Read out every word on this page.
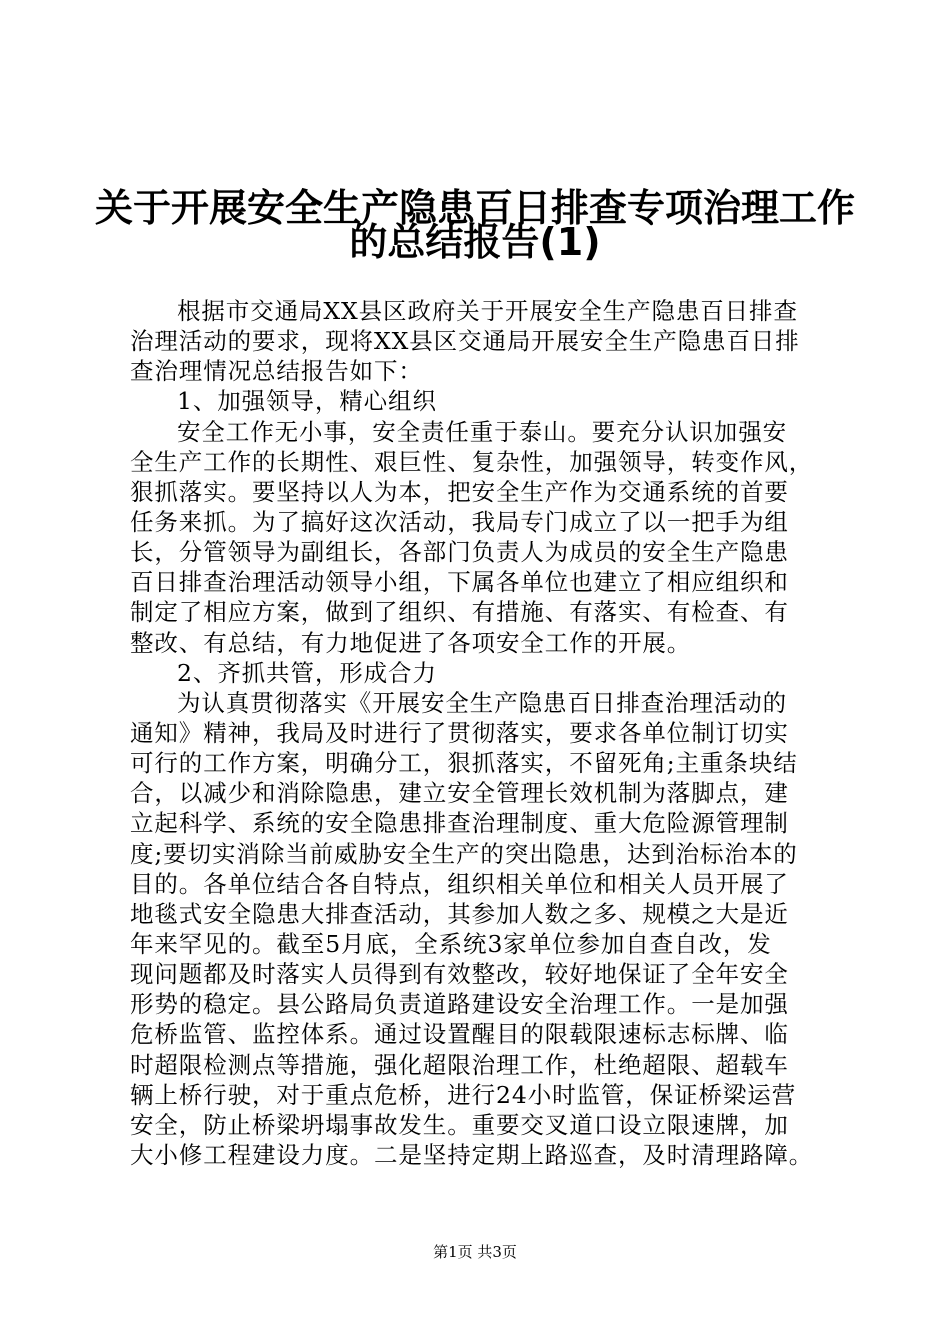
关于开展安全生产隐患百日排查专项治理工作
的总结报告(1)
根据市交通局XX县区政府关于开展安全生产隐患百日排查
治理活动的要求，现将XX县区交通局开展安全生产隐患百日排
查治理情况总结报告如下：
1、加强领导，精心组织
安全工作无小事，安全责任重于泰山。要充分认识加强安
全生产工作的长期性、艰巨性、复杂性，加强领导，转变作风，
狠抓落实。要坚持以人为本，把安全生产作为交通系统的首要
任务来抓。为了搞好这次活动，我局专门成立了以一把手为组
长，分管领导为副组长，各部门负责人为成员的安全生产隐患
百日排查治理活动领导小组，下属各单位也建立了相应组织和
制定了相应方案，做到了组织、有措施、有落实、有检查、有
整改、有总结，有力地促进了各项安全工作的开展。
2、齐抓共管，形成合力
为认真贯彻落实《开展安全生产隐患百日排查治理活动的
通知》精神，我局及时进行了贯彻落实，要求各单位制订切实
可行的工作方案，明确分工，狠抓落实，不留死角;主重条块结
合，以减少和消除隐患，建立安全管理长效机制为落脚点，建
立起科学、系统的安全隐患排查治理制度、重大危险源管理制
度;要切实消除当前威胁安全生产的突出隐患，达到治标治本的
目的。各单位结合各自特点，组织相关单位和相关人员开展了
地毯式安全隐患大排查活动，其参加人数之多、规模之大是近
年来罕见的。截至5月底，全系统3家单位参加自查自改，发
现问题都及时落实人员得到有效整改，较好地保证了全年安全
形势的稳定。县公路局负责道路建设安全治理工作。一是加强
危桥监管、监控体系。通过设置醒目的限载限速标志标牌、临
时超限检测点等措施，强化超限治理工作，杜绝超限、超载车
辆上桥行驶，对于重点危桥，进行24小时监管，保证桥梁运营
安全，防止桥梁坍塌事故发生。重要交叉道口设立限速牌，加
大小修工程建设力度。二是坚持定期上路巡查，及时清理路障。
第1页 共3页
